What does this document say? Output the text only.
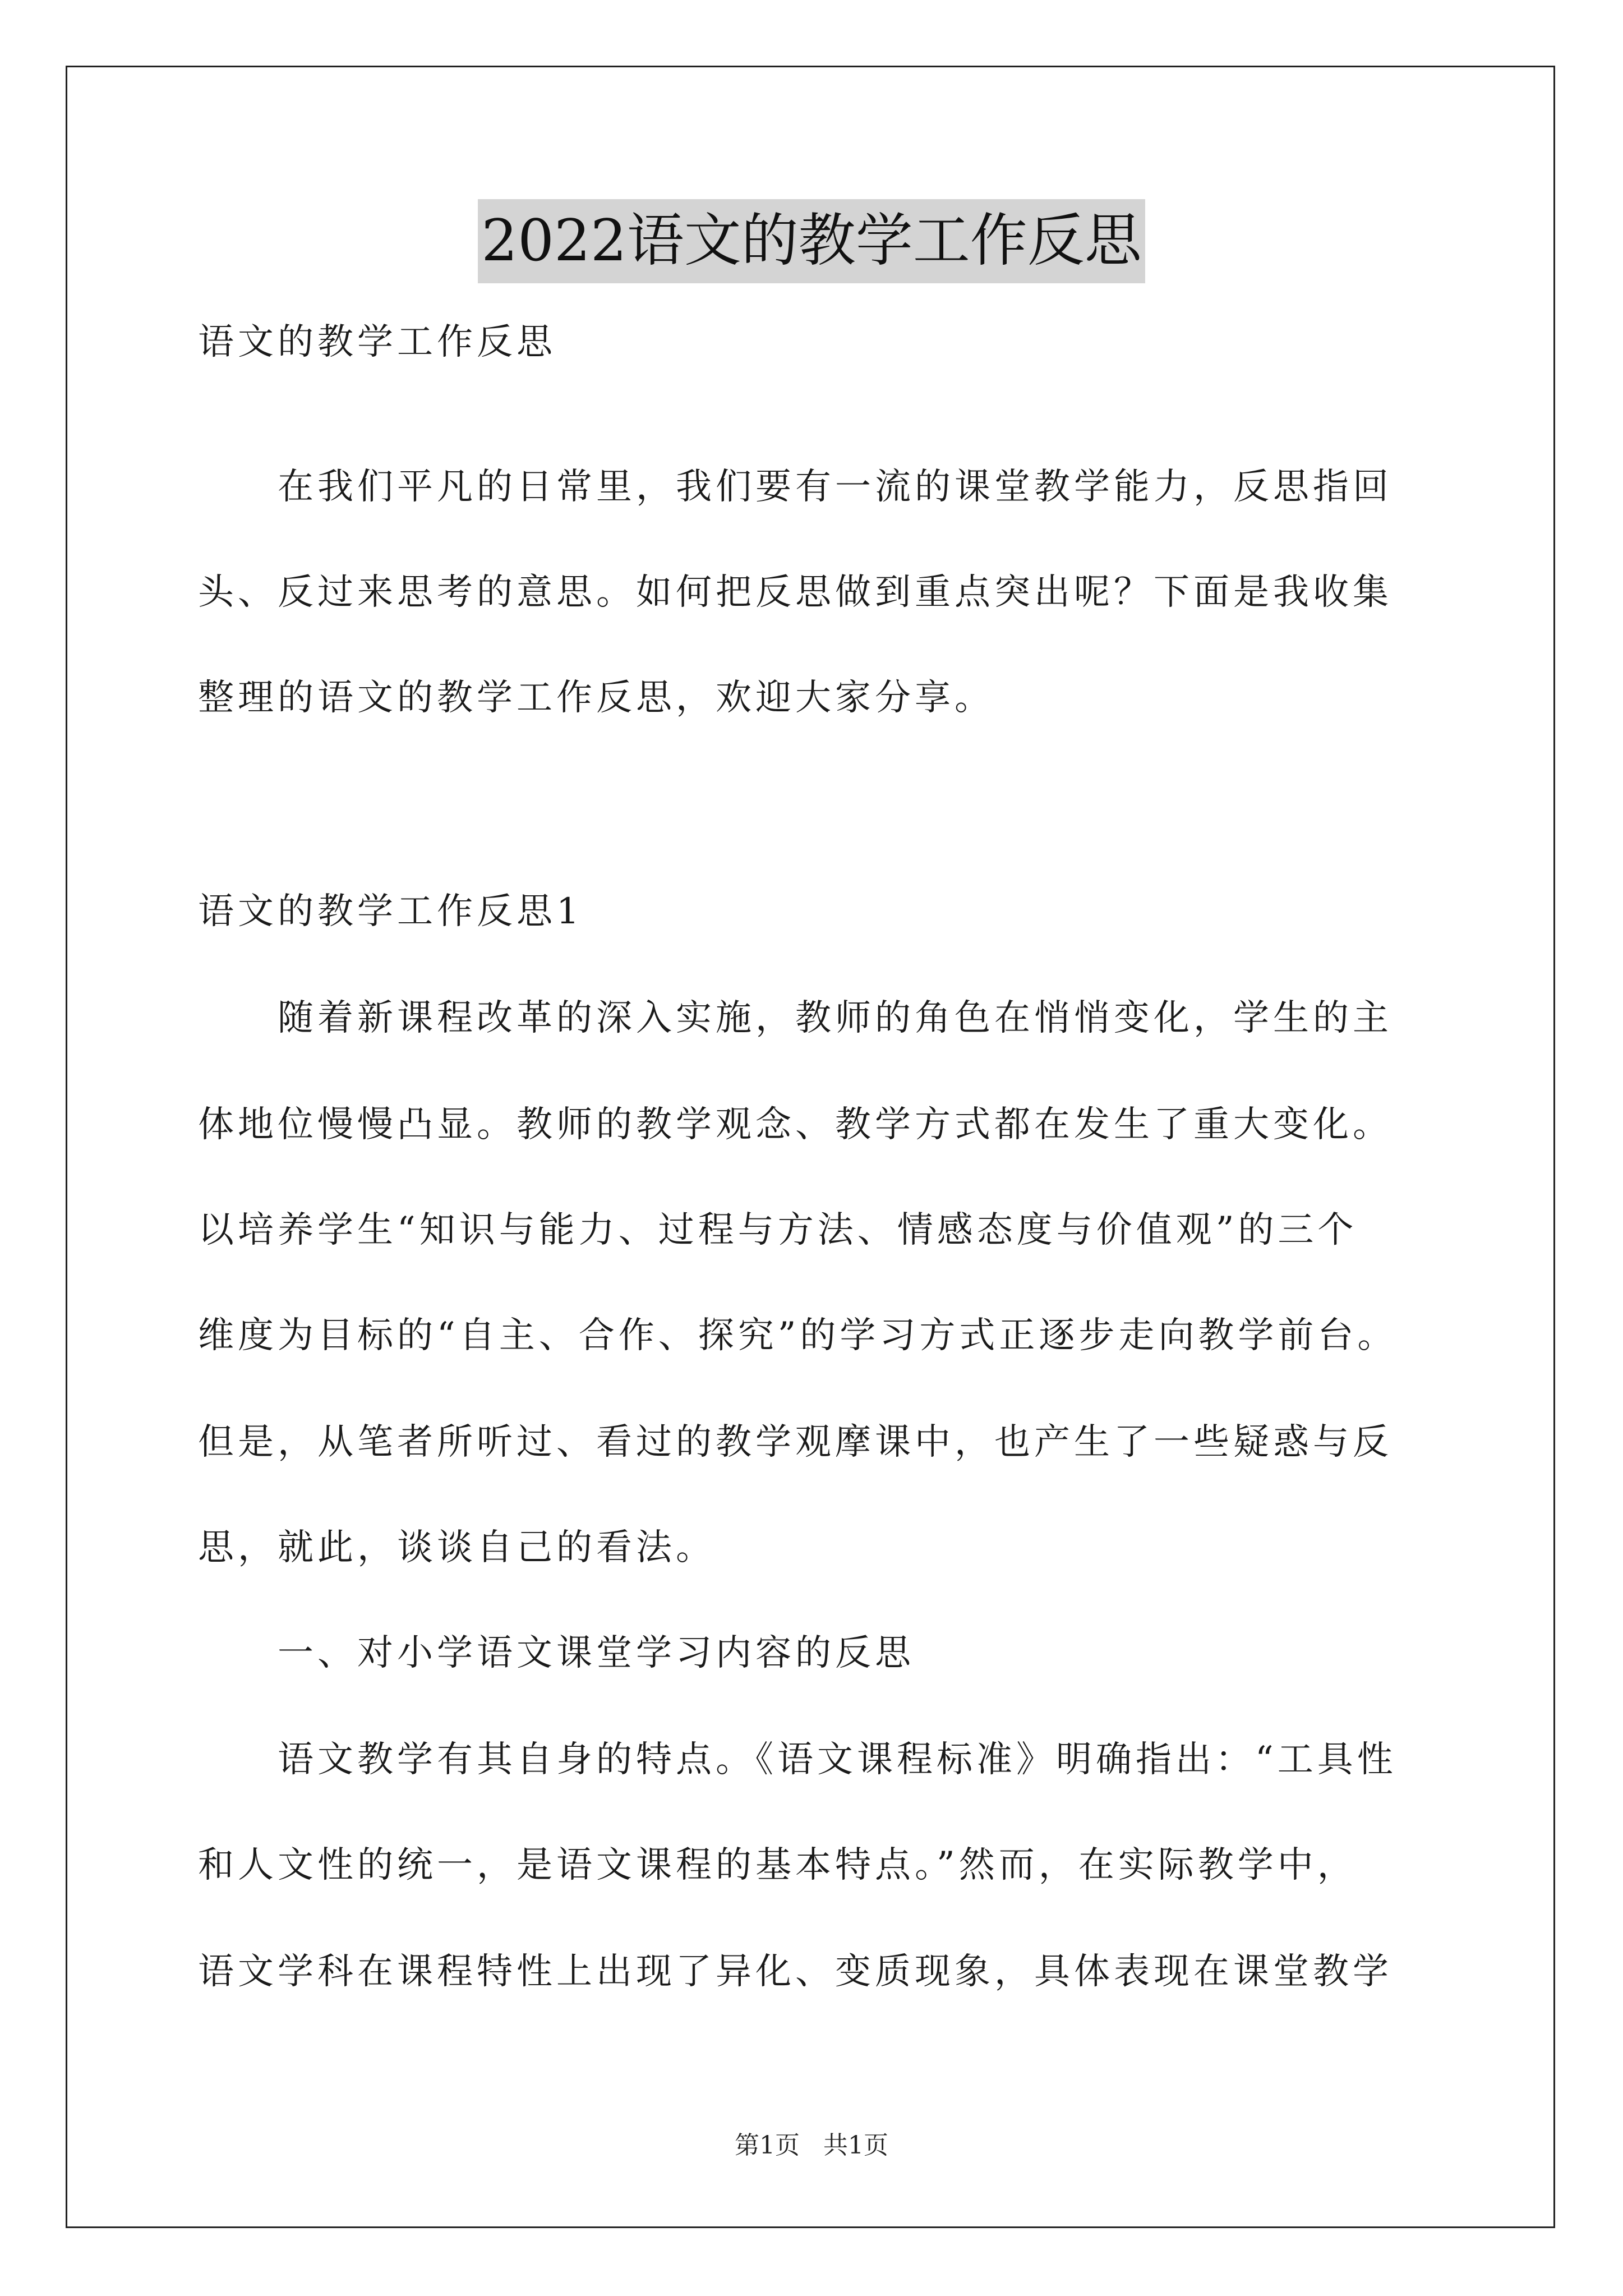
2022语文的教学工作反思
语文的教学工作反思
在我们平凡的日常里，我们要有一流的课堂教学能力，反思指回
头、反过来思考的意思。如何把反思做到重点突出呢？下面是我收集
整理的语文的教学工作反思，欢迎大家分享。
语文的教学工作反思1
随着新课程改革的深入实施，教师的角色在悄悄变化，学生的主
体地位慢慢凸显。教师的教学观念、教学方式都在发生了重大变化。
以培养学生“知识与能力、过程与方法、情感态度与价值观”的三个
维度为目标的“自主、合作、探究”的学习方式正逐步走向教学前台。
但是，从笔者所听过、看过的教学观摩课中，也产生了一些疑惑与反
思，就此，谈谈自己的看法。
一、对小学语文课堂学习内容的反思
语文教学有其自身的特点。《语文课程标准》明确指出：“工具性
和人文性的统一，是语文课程的基本特点。”然而，在实际教学中，
语文学科在课程特性上出现了异化、变质现象，具体表现在课堂教学
第1页   共1页
